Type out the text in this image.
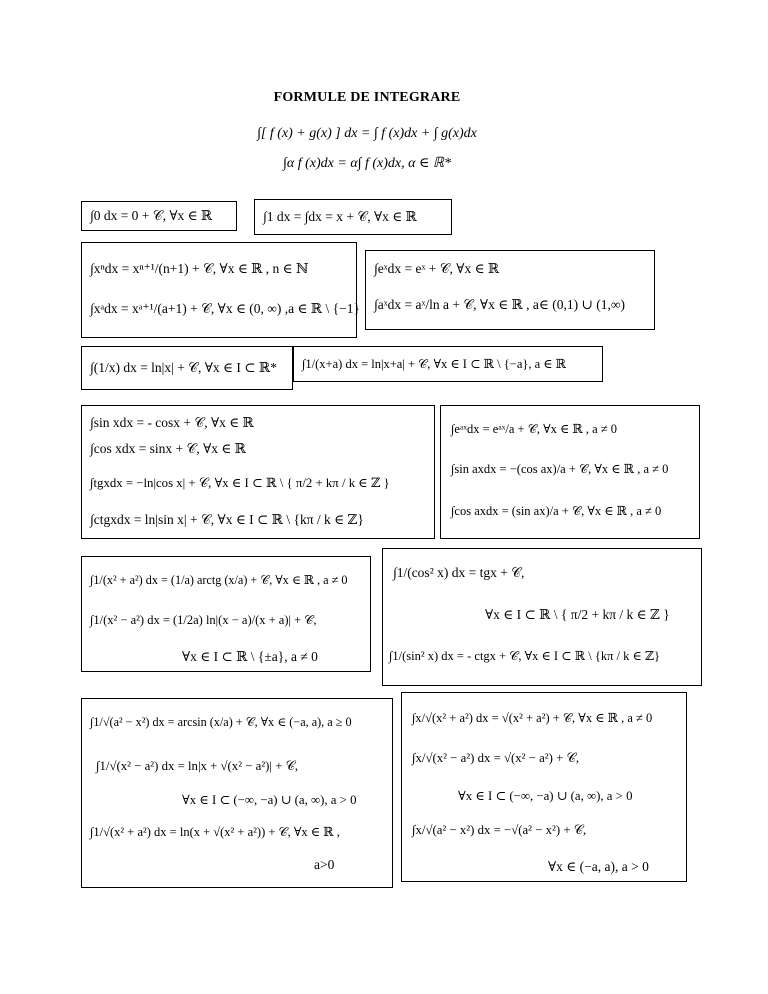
FORMULE DE INTEGRARE
∫[ f (x) + g(x) ] dx = ∫ f (x)dx + ∫ g(x)dx
∫α f (x)dx = α∫ f (x)dx, α ∈ ℝ*
∫0 dx = 0 + 𝒞, ∀x ∈ ℝ	∫1 dx = ∫dx = x + 𝒞, ∀x ∈ ℝ
∫xⁿdx = xⁿ⁺¹/(n+1) + 𝒞, ∀x ∈ ℝ , n ∈ ℕ
∫xᵃdx = xᵃ⁺¹/(a+1) + 𝒞, ∀x ∈ (0, ∞) ,a ∈ ℝ \ {−1}
∫eˣdx = eˣ + 𝒞, ∀x ∈ ℝ
∫aˣdx = aˣ/ln a + 𝒞, ∀x ∈ ℝ , a∈ (0,1) ∪ (1,∞)
∫(1/x) dx = ln|x| + 𝒞, ∀x ∈ I ⊂ ℝ* ∫1/(x+a) dx = ln|x+a| + 𝒞, ∀x ∈ I ⊂ ℝ \ {−a}, a ∈ ℝ
∫sin xdx = - cosx + 𝒞, ∀x ∈ ℝ
∫cos xdx = sinx + 𝒞, ∀x ∈ ℝ
∫tgxdx = −ln|cos x| + 𝒞, ∀x ∈ I ⊂ ℝ \ { π/2 + kπ / k ∈ ℤ }
∫ctgxdx = ln|sin x| + 𝒞, ∀x ∈ I ⊂ ℝ \ {kπ / k ∈ ℤ}
∫eᵃˣdx = eᵃˣ/a + 𝒞, ∀x ∈ ℝ , a ≠ 0
∫sin axdx = −(cos ax)/a + 𝒞, ∀x ∈ ℝ , a ≠ 0
∫cos axdx = (sin ax)/a + 𝒞, ∀x ∈ ℝ , a ≠ 0
∫1/(x² + a²) dx = (1/a) arctg (x/a) + 𝒞, ∀x ∈ ℝ , a ≠ 0
∫1/(x² − a²) dx = (1/2a) ln|(x − a)/(x + a)| + 𝒞,
∀x ∈ I ⊂ ℝ \ {±a}, a ≠ 0
∫1/(cos² x) dx = tgx + 𝒞,
∀x ∈ I ⊂ ℝ \ { π/2 + kπ / k ∈ ℤ }
∫1/(sin² x) dx = - ctgx + 𝒞, ∀x ∈ I ⊂ ℝ \ {kπ / k ∈ ℤ}
∫1/√(a² − x²) dx = arcsin (x/a) + 𝒞, ∀x ∈ (−a, a), a ≥ 0
∫1/√(x² − a²) dx = ln|x + √(x² − a²)| + 𝒞,
∀x ∈ I ⊂ (−∞, −a) ∪ (a, ∞), a > 0
∫1/√(x² + a²) dx = ln(x + √(x² + a²)) + 𝒞, ∀x ∈ ℝ ,
a>0
∫x/√(x² + a²) dx = √(x² + a²) + 𝒞, ∀x ∈ ℝ , a ≠ 0
∫x/√(x² − a²) dx = √(x² − a²) + 𝒞,
∀x ∈ I ⊂ (−∞, −a) ∪ (a, ∞), a > 0
∫x/√(a² − x²) dx = −√(a² − x²) + 𝒞,
∀x ∈ (−a, a), a > 0
